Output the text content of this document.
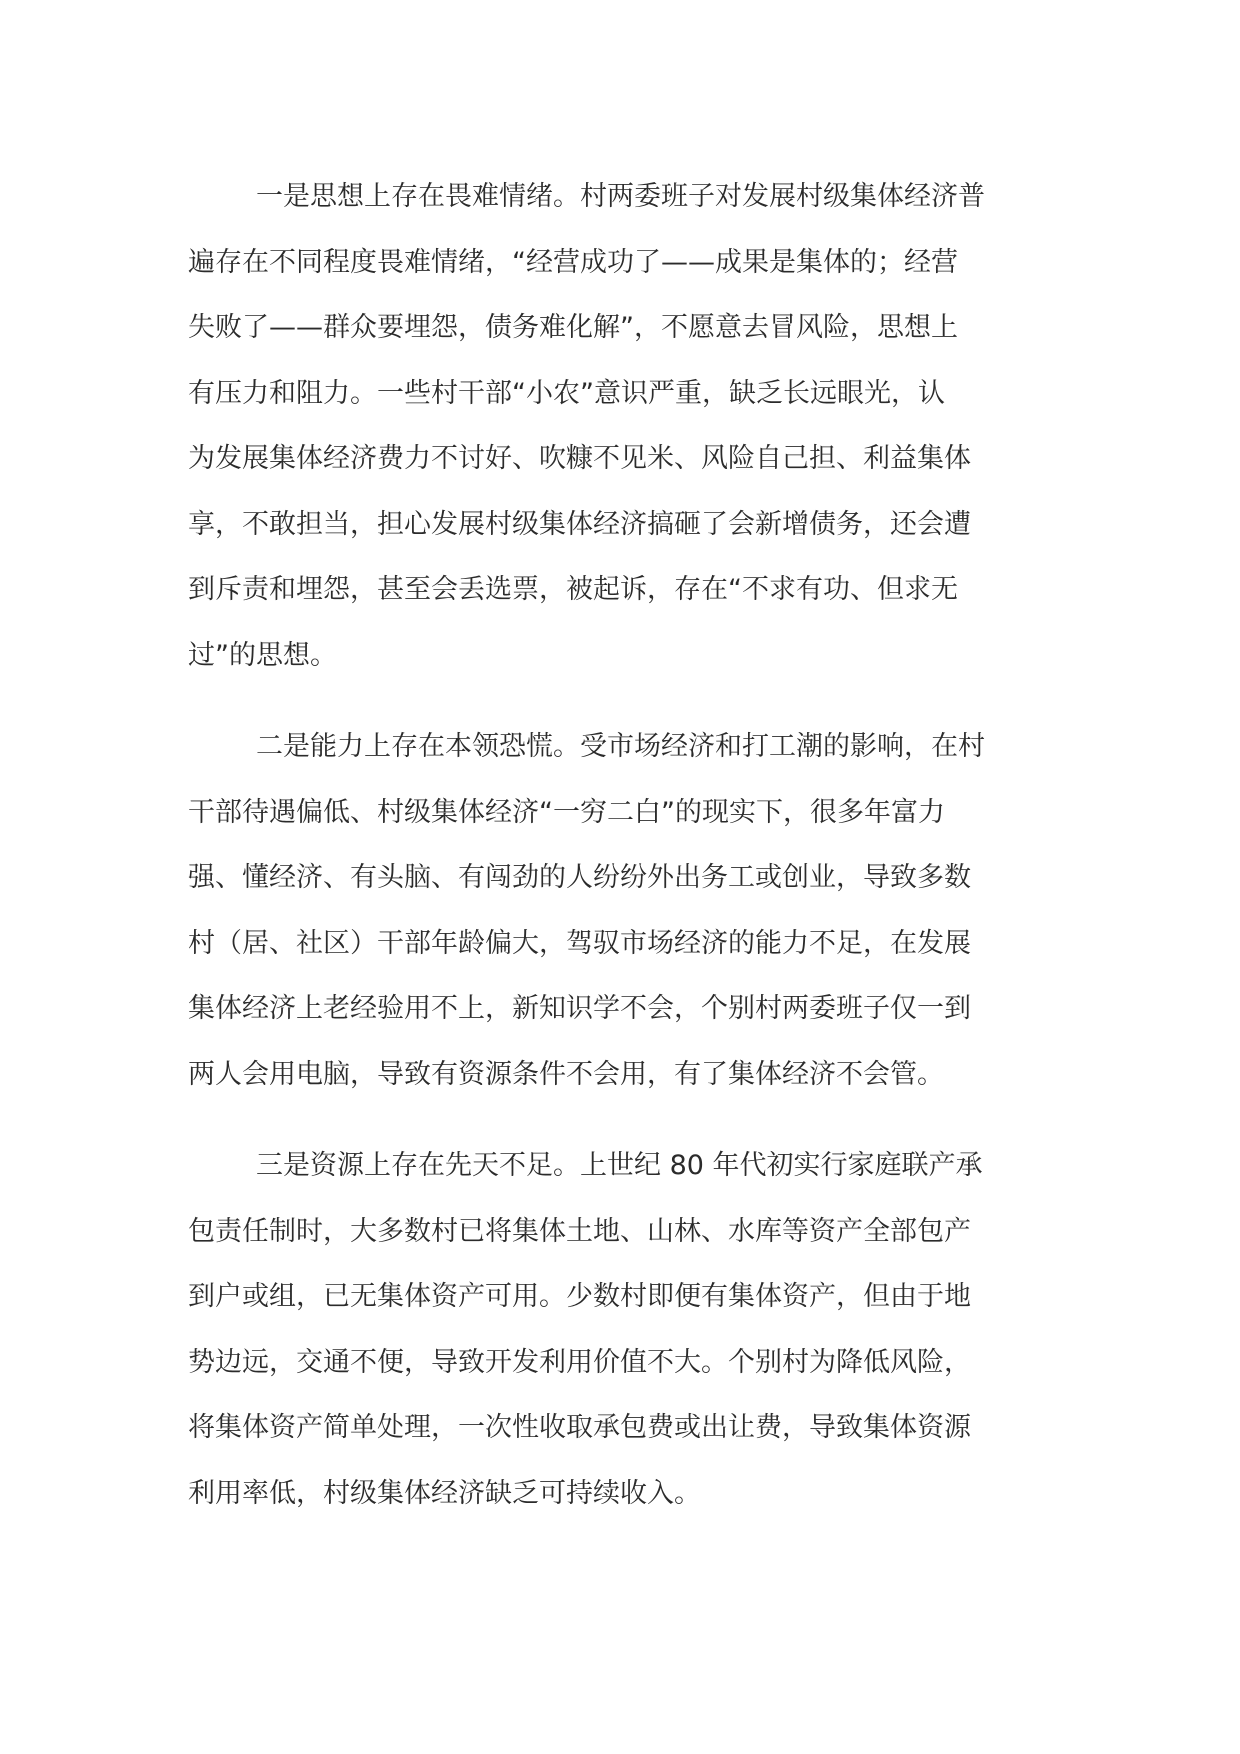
一是思想上存在畏难情绪。村两委班子对发展村级集体经济普
遍存在不同程度畏难情绪，“经营成功了——成果是集体的；经营
失败了——群众要埋怨，债务难化解”，不愿意去冒风险，思想上
有压力和阻力。一些村干部“小农”意识严重，缺乏长远眼光，认
为发展集体经济费力不讨好、吹糠不见米、风险自己担、利益集体
享，不敢担当，担心发展村级集体经济搞砸了会新增债务，还会遭
到斥责和埋怨，甚至会丢选票，被起诉，存在“不求有功、但求无
过”的思想。
二是能力上存在本领恐慌。受市场经济和打工潮的影响，在村
干部待遇偏低、村级集体经济“一穷二白”的现实下，很多年富力
强、懂经济、有头脑、有闯劲的人纷纷外出务工或创业，导致多数
村（居、社区）干部年龄偏大，驾驭市场经济的能力不足，在发展
集体经济上老经验用不上，新知识学不会，个别村两委班子仅一到
两人会用电脑，导致有资源条件不会用，有了集体经济不会管。
三是资源上存在先天不足。上世纪 80 年代初实行家庭联产承
包责任制时，大多数村已将集体土地、山林、水库等资产全部包产
到户或组，已无集体资产可用。少数村即便有集体资产，但由于地
势边远，交通不便，导致开发利用价值不大。个别村为降低风险，
将集体资产简单处理，一次性收取承包费或出让费，导致集体资源
利用率低，村级集体经济缺乏可持续收入。
